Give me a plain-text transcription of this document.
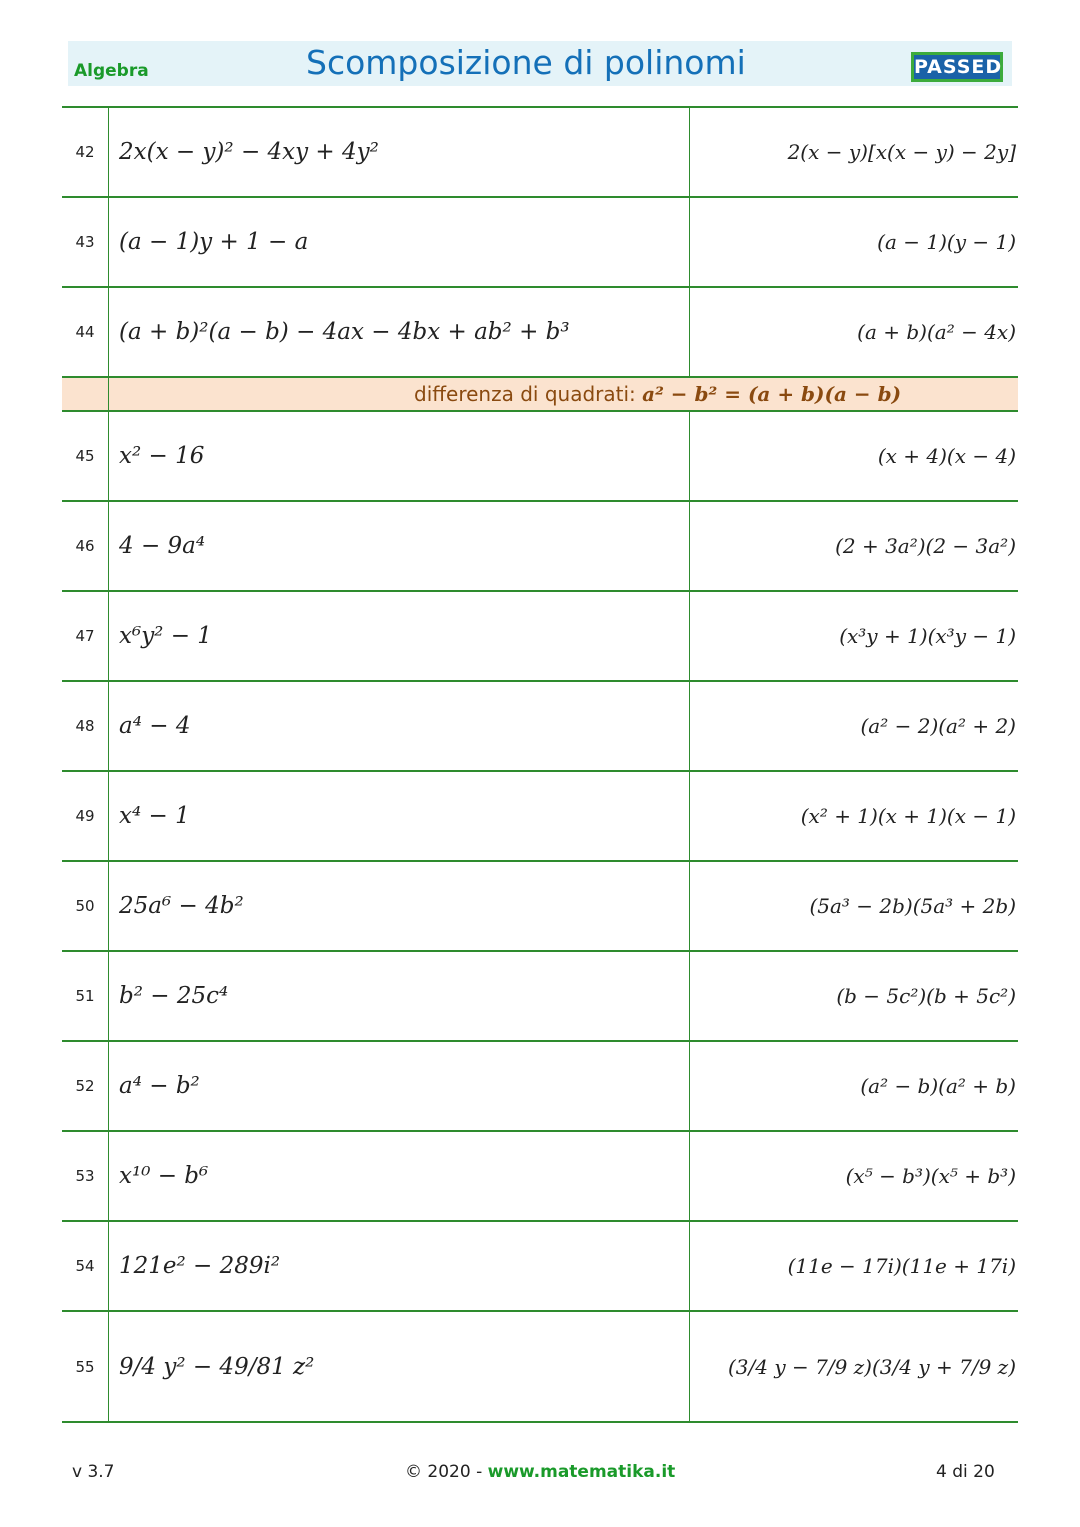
Algebra	Scomposizione di polinomi	PASSED
42	2x(x − y)² − 4xy + 4y²	2(x − y)[x(x − y) − 2y]
43	(a − 1)y + 1 − a	(a − 1)(y − 1)
44	(a + b)²(a − b) − 4ax − 4bx + ab² + b³	(a + b)(a² − 4x)
differenza di quadrati: a² − b² = (a + b)(a − b)
45	x² − 16	(x + 4)(x − 4)
46	4 − 9a⁴	(2 + 3a²)(2 − 3a²)
47	x⁶y² − 1	(x³y + 1)(x³y − 1)
48	a⁴ − 4	(a² − 2)(a² + 2)
49	x⁴ − 1	(x² + 1)(x + 1)(x − 1)
50	25a⁶ − 4b²	(5a³ − 2b)(5a³ + 2b)
51	b² − 25c⁴	(b − 5c²)(b + 5c²)
52	a⁴ − b²	(a² − b)(a² + b)
53	x¹⁰ − b⁶	(x⁵ − b³)(x⁵ + b³)
54	121e² − 289i²	(11e − 17i)(11e + 17i)
55	9/4 y² − 49/81 z²	(3/4 y − 7/9 z)(3/4 y + 7/9 z)
v 3.7	© 2020 - www.matematika.it	4 di 20
